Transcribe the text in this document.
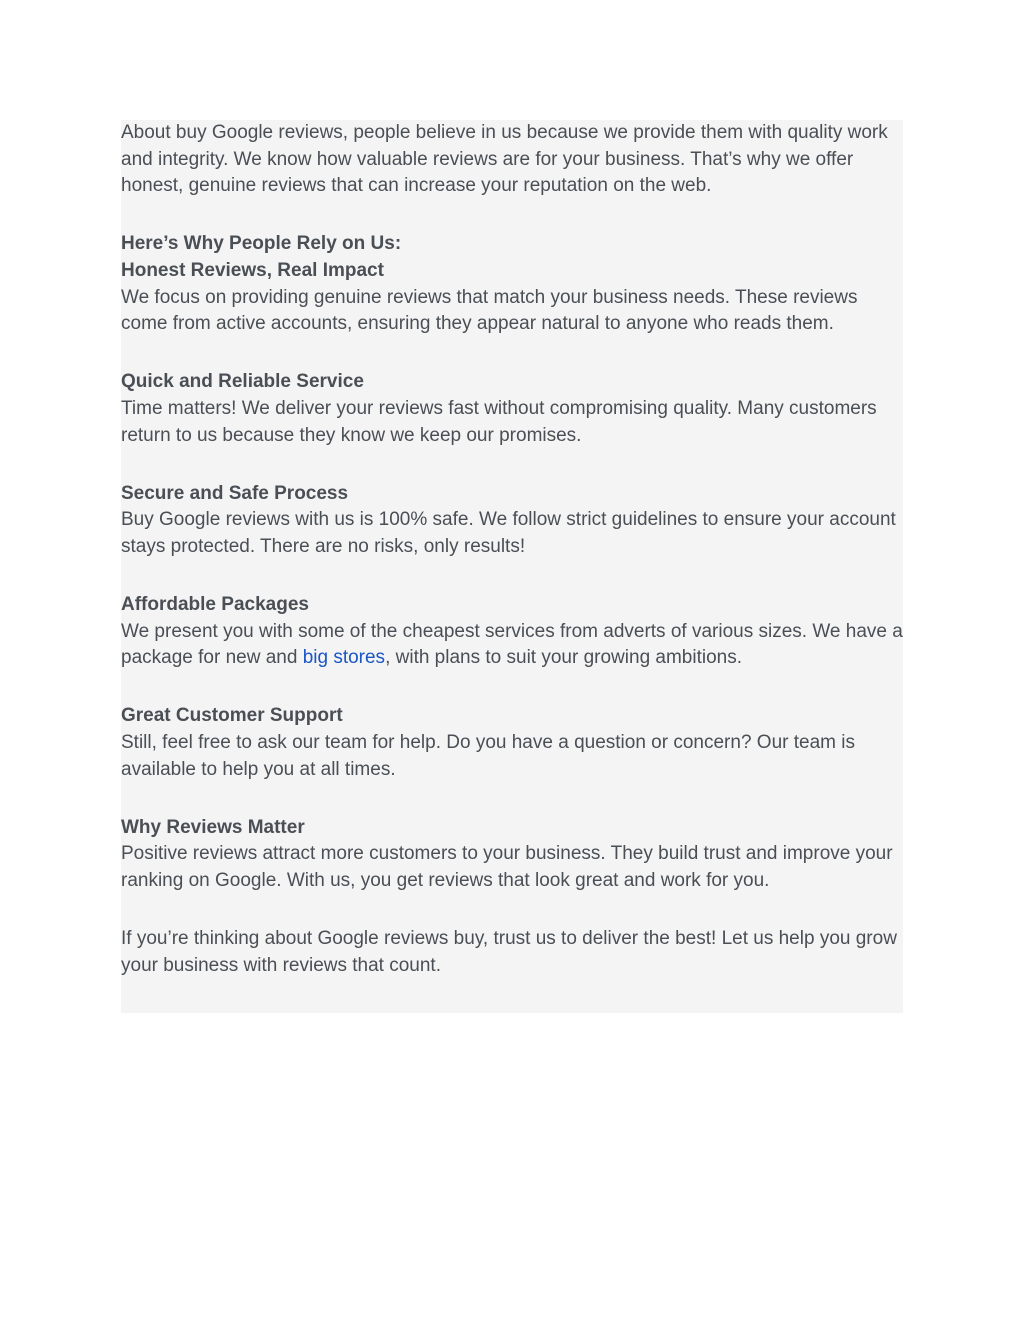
About buy Google reviews, people believe in us because we provide them with quality work and integrity. We know how valuable reviews are for your business. That’s why we offer honest, genuine reviews that can increase your reputation on the web.

Here’s Why People Rely on Us:

Honest Reviews, Real Impact

We focus on providing genuine reviews that match your business needs. These reviews come from active accounts, ensuring they appear natural to anyone who reads them.

Quick and Reliable Service

Time matters! We deliver your reviews fast without compromising quality. Many customers return to us because they know we keep our promises.

Secure and Safe Process

Buy Google reviews with us is 100% safe. We follow strict guidelines to ensure your account stays protected. There are no risks, only results!

Affordable Packages

We present you with some of the cheapest services from adverts of various sizes. We have a package for new and big stores, with plans to suit your growing ambitions.

Great Customer Support

Still, feel free to ask our team for help. Do you have a question or concern? Our team is available to help you at all times.

Why Reviews Matter

Positive reviews attract more customers to your business. They build trust and improve your ranking on Google. With us, you get reviews that look great and work for you.

If you’re thinking about Google reviews buy, trust us to deliver the best! Let us help you grow your business with reviews that count.
